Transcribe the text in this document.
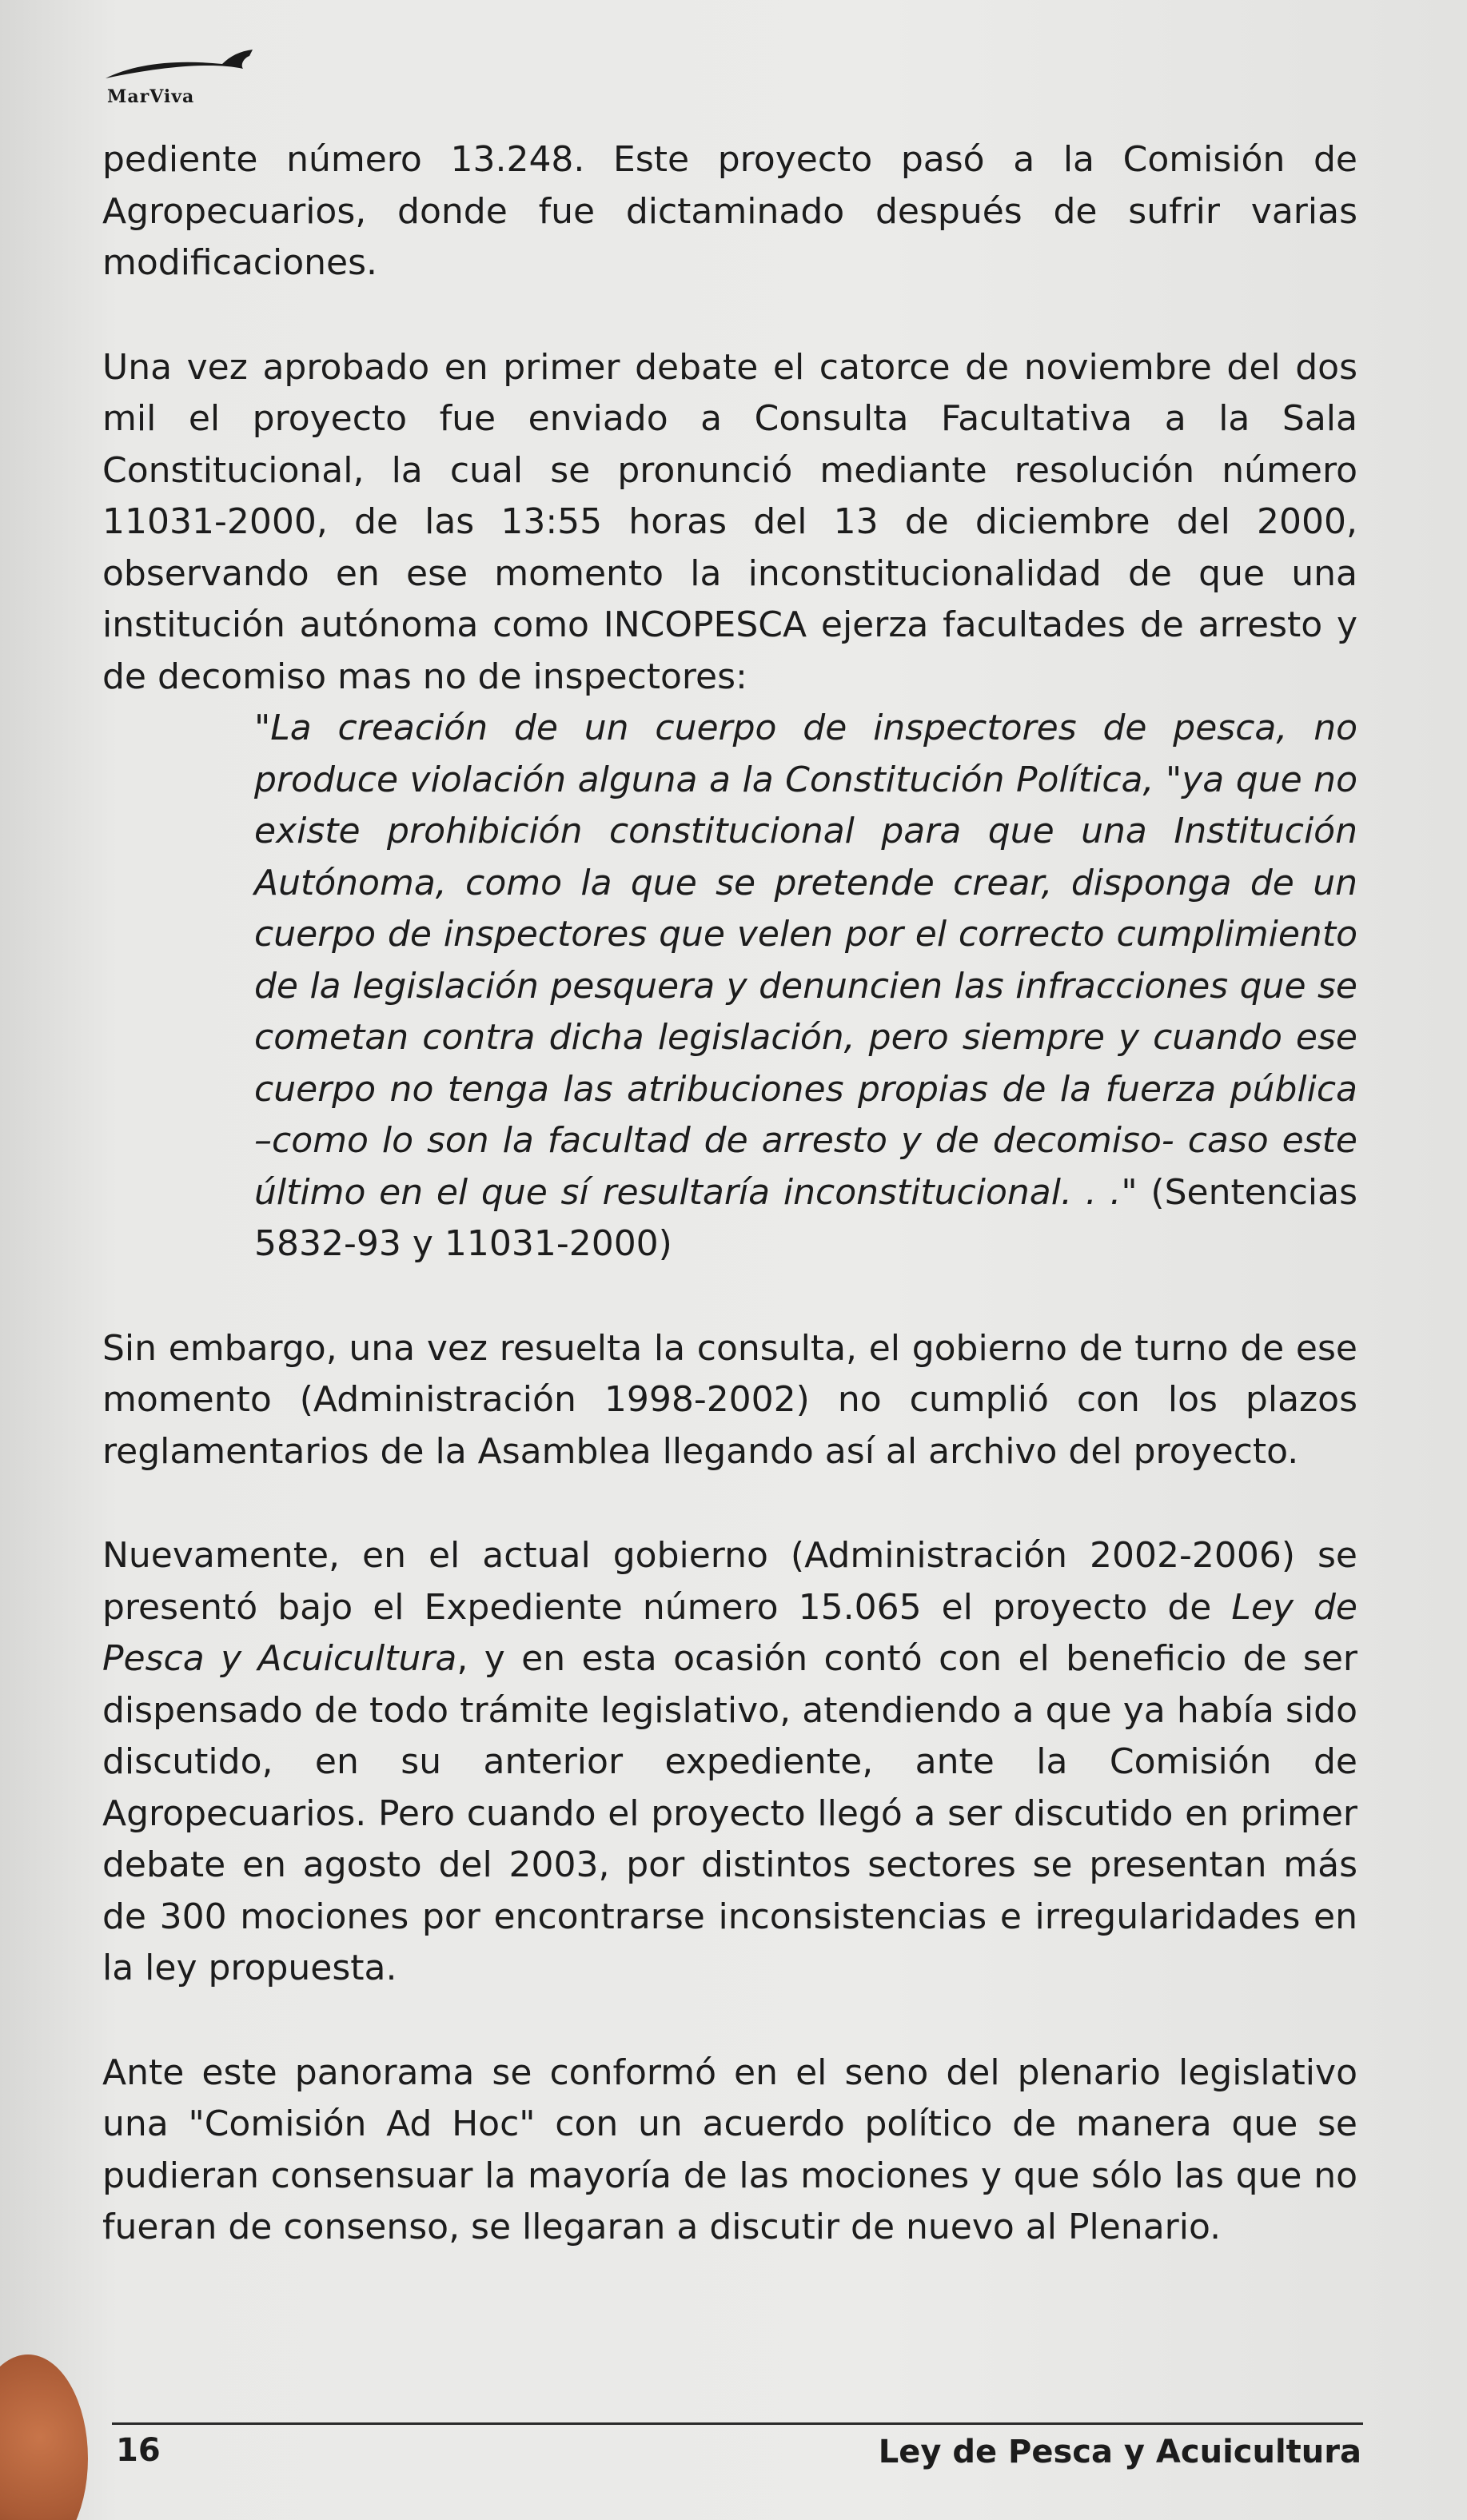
MarViva

pediente número 13.248. Este proyecto pasó a la Comisión de Agropecuarios, donde fue dictaminado después de sufrir varias modificaciones.

Una vez aprobado en primer debate el catorce de noviembre del dos mil el proyecto fue enviado a Consulta Facultativa a la Sala Constitucional, la cual se pronunció mediante resolución número 11031-2000, de las 13:55 horas del 13 de diciembre del 2000, observando en ese momento la inconstitucionalidad de que una institución autónoma como INCOPESCA ejerza facultades de arresto y de decomiso mas no de inspectores:

"La creación de un cuerpo de inspectores de pesca, no produce violación alguna a la Constitución Política, "ya que no existe prohibición constitucional para que una Institución Autónoma, como la que se pretende crear, disponga de un cuerpo de inspectores que velen por el correcto cumplimiento de la legislación pesquera y denuncien las infracciones que se cometan contra dicha legislación, pero siempre y cuando ese cuerpo no tenga las atribuciones propias de la fuerza pública –como lo son la facultad de arresto y de decomiso- caso este último en el que sí resultaría inconstitucional. . ." (Sentencias 5832-93 y 11031-2000)

Sin embargo, una vez resuelta la consulta, el gobierno de turno de ese momento (Administración 1998-2002) no cumplió con los plazos reglamentarios de la Asamblea llegando así al archivo del proyecto.

Nuevamente, en el actual gobierno (Administración 2002-2006) se presentó bajo el Expediente número 15.065 el proyecto de Ley de Pesca y Acuicultura, y en esta ocasión contó con el beneficio de ser dispensado de todo trámite legislativo, atendiendo a que ya había sido discutido, en su anterior expediente, ante la Comisión de Agropecuarios. Pero cuando el proyecto llegó a ser discutido en primer debate en agosto del 2003, por distintos sectores se presentan más de 300 mociones por encontrarse inconsistencias e irregularidades en la ley propuesta.

Ante este panorama se conformó en el seno del plenario legislativo una "Comisión Ad Hoc" con un acuerdo político de manera que se pudieran consensuar la mayoría de las mociones y que sólo las que no fueran de consenso, se llegaran a discutir de nuevo al Plenario.

16	Ley de Pesca y Acuicultura
